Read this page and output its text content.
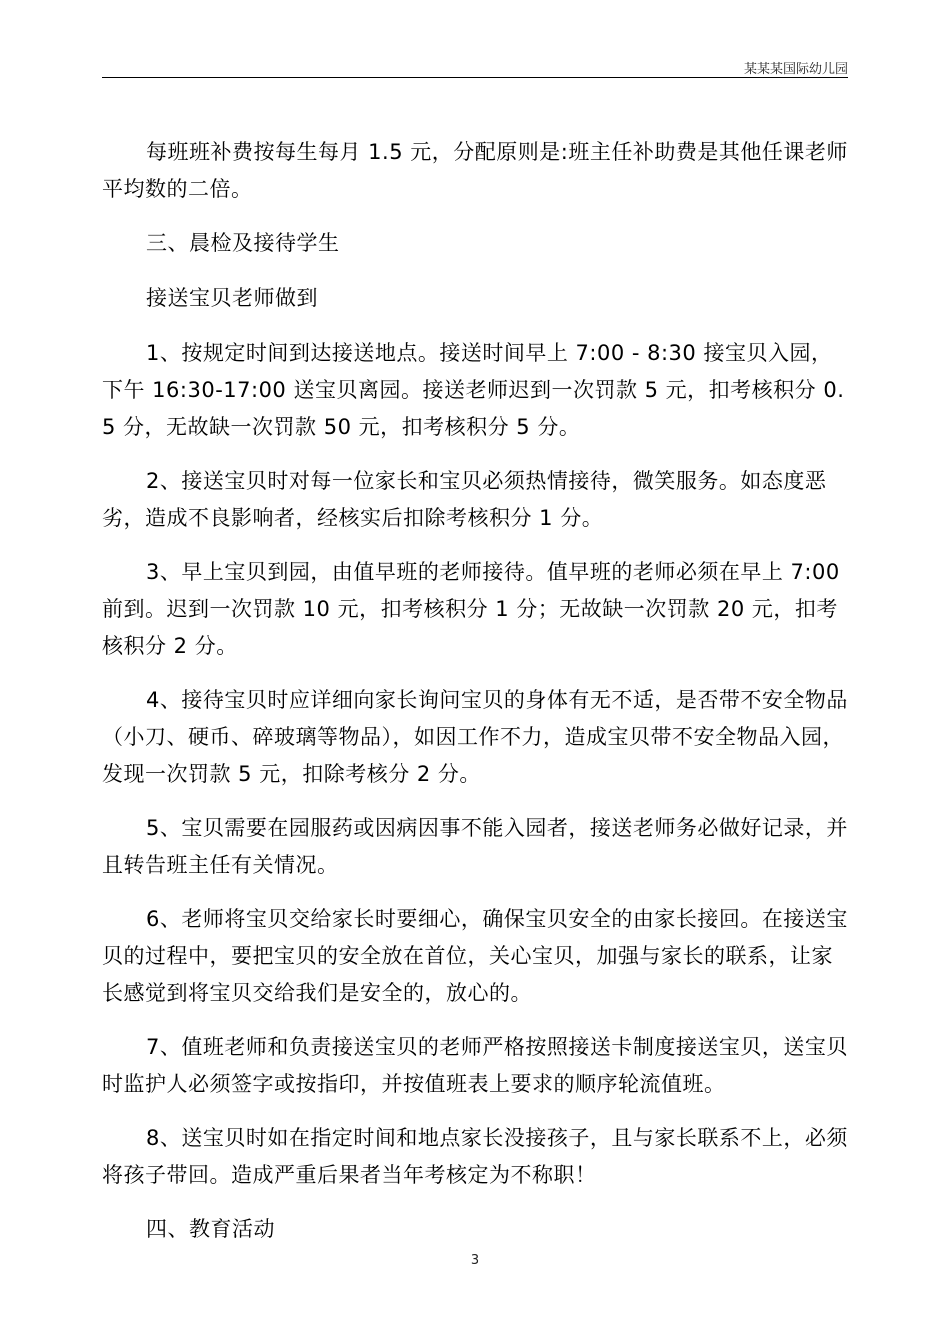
某某某国际幼儿园

每班班补费按每生每月 1.5 元，分配原则是:班主任补助费是其他任课老师平均数的二倍。

三、晨检及接待学生

接送宝贝老师做到

1、按规定时间到达接送地点。接送时间早上 7:00 - 8:30 接宝贝入园，下午 16:30-17:00 送宝贝离园。接送老师迟到一次罚款 5 元，扣考核积分 0.5 分，无故缺一次罚款 50 元，扣考核积分 5 分。

2、接送宝贝时对每一位家长和宝贝必须热情接待，微笑服务。如态度恶劣，造成不良影响者，经核实后扣除考核积分 1 分。

3、早上宝贝到园，由值早班的老师接待。值早班的老师必须在早上 7:00 前到。迟到一次罚款 10 元，扣考核积分 1 分；无故缺一次罚款 20 元，扣考核积分 2 分。

4、接待宝贝时应详细向家长询问宝贝的身体有无不适，是否带不安全物品（小刀、硬币、碎玻璃等物品），如因工作不力，造成宝贝带不安全物品入园，发现一次罚款 5 元，扣除考核分 2 分。

5、宝贝需要在园服药或因病因事不能入园者，接送老师务必做好记录，并且转告班主任有关情况。

6、老师将宝贝交给家长时要细心，确保宝贝安全的由家长接回。在接送宝贝的过程中，要把宝贝的安全放在首位，关心宝贝，加强与家长的联系，让家长感觉到将宝贝交给我们是安全的，放心的。

7、值班老师和负责接送宝贝的老师严格按照接送卡制度接送宝贝，送宝贝时监护人必须签字或按指印，并按值班表上要求的顺序轮流值班。

8、送宝贝时如在指定时间和地点家长没接孩子，且与家长联系不上，必须将孩子带回。造成严重后果者当年考核定为不称职！

四、教育活动

3
